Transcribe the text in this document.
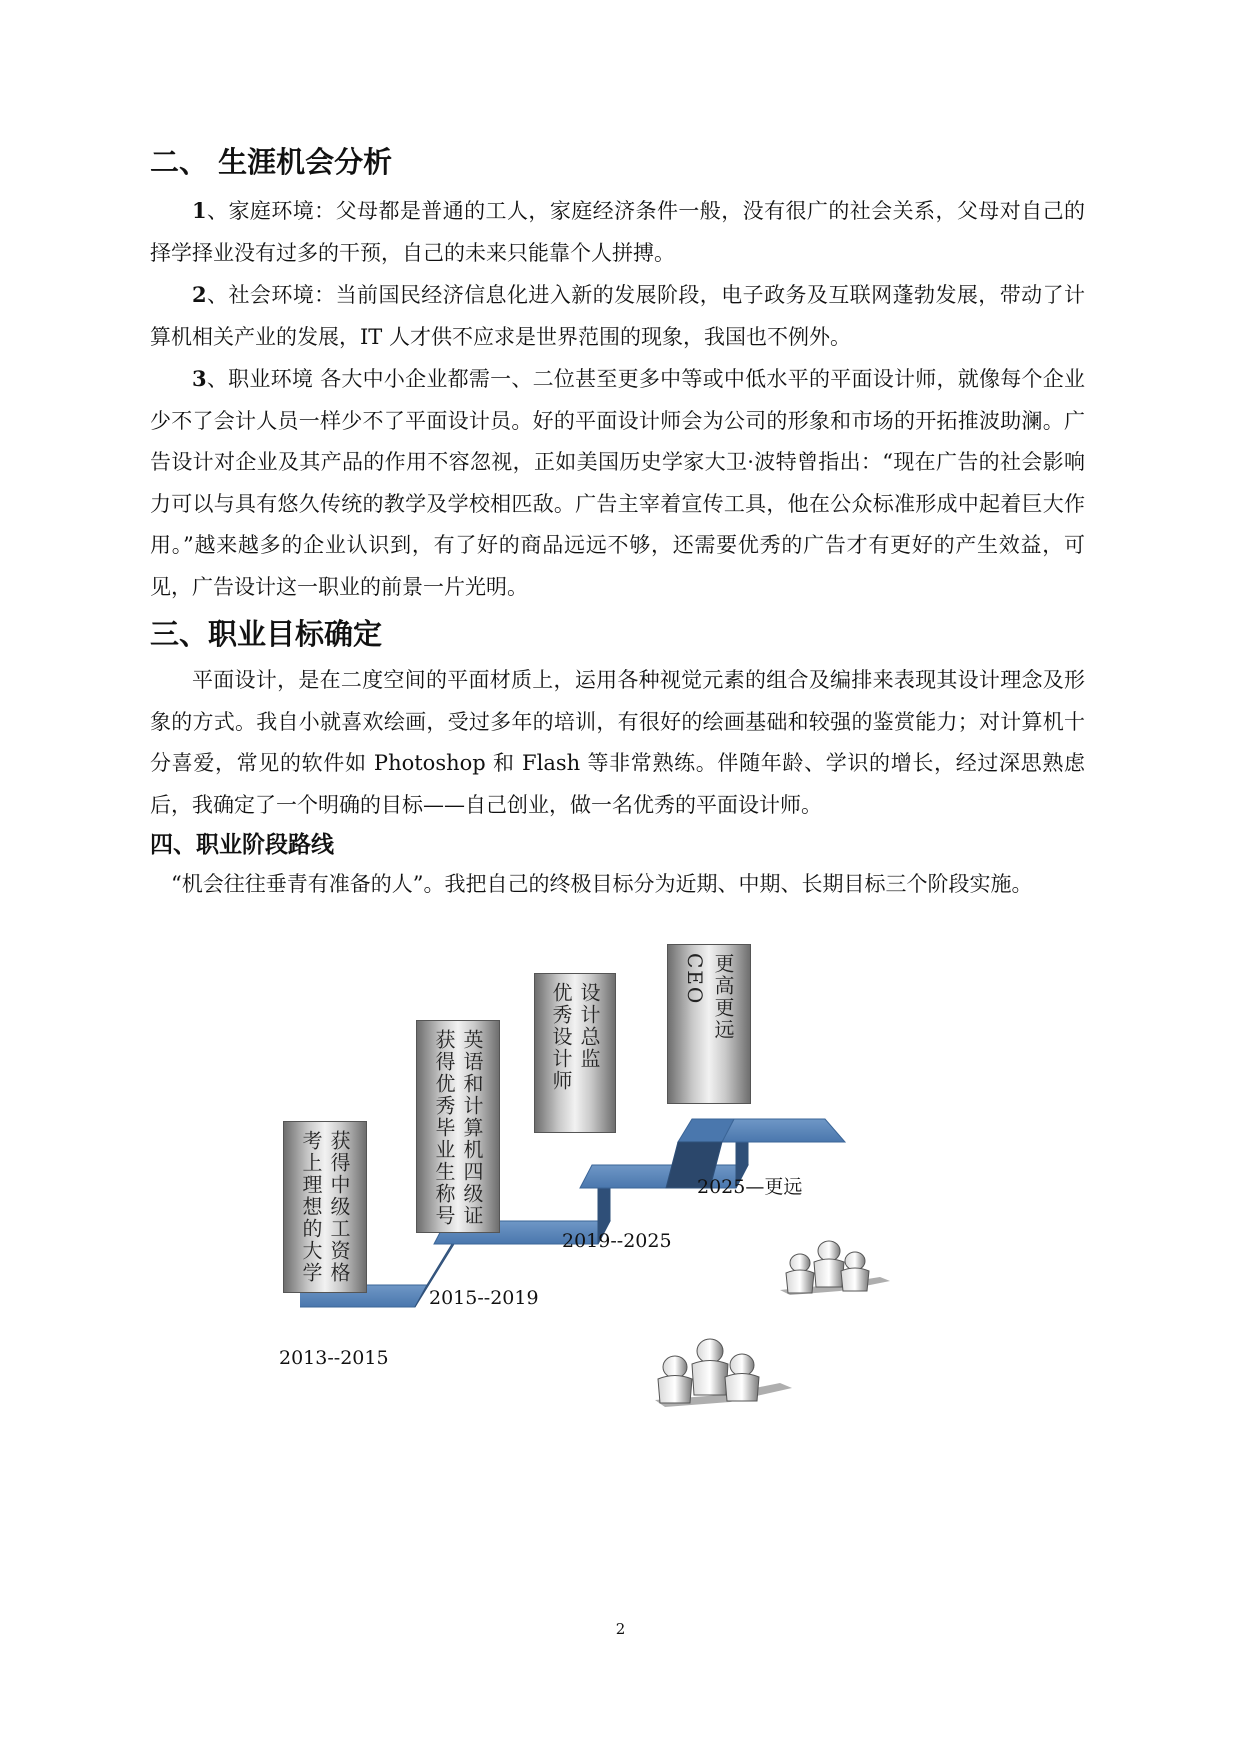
二、 生涯机会分析

1、家庭环境：父母都是普通的工人，家庭经济条件一般，没有很广的社会关系，父母对自己的择学择业没有过多的干预，自己的未来只能靠个人拼搏。

2、社会环境：当前国民经济信息化进入新的发展阶段，电子政务及互联网蓬勃发展，带动了计算机相关产业的发展，IT 人才供不应求是世界范围的现象，我国也不例外。

3、职业环境 各大中小企业都需一、二位甚至更多中等或中低水平的平面设计师，就像每个企业少不了会计人员一样少不了平面设计员。好的平面设计师会为公司的形象和市场的开拓推波助澜。广告设计对企业及其产品的作用不容忽视，正如美国历史学家大卫·波特曾指出：“现在广告的社会影响力可以与具有悠久传统的教学及学校相匹敌。广告主宰着宣传工具，他在公众标准形成中起着巨大作用。”越来越多的企业认识到，有了好的商品远远不够，还需要优秀的广告才有更好的产生效益，可见，广告设计这一职业的前景一片光明。

三、职业目标确定

平面设计，是在二度空间的平面材质上，运用各种视觉元素的组合及编排来表现其设计理念及形象的方式。我自小就喜欢绘画，受过多年的培训，有很好的绘画基础和较强的鉴赏能力；对计算机十分喜爱，常见的软件如 Photoshop 和 Flash 等非常熟练。伴随年龄、学识的增长，经过深思熟虑后，我确定了一个明确的目标——自己创业，做一名优秀的平面设计师。

四、职业阶段路线

“机会往往垂青有准备的人”。我把自己的终极目标分为近期、中期、长期目标三个阶段实施。

获得中级工资格
考上理想的大学	英语和计算机四级证
获得优秀毕业生称号
设计总监
优秀设计师	更高更远
CEO
2013--2015
2015--2019
2019--2025
2025—更远
2
